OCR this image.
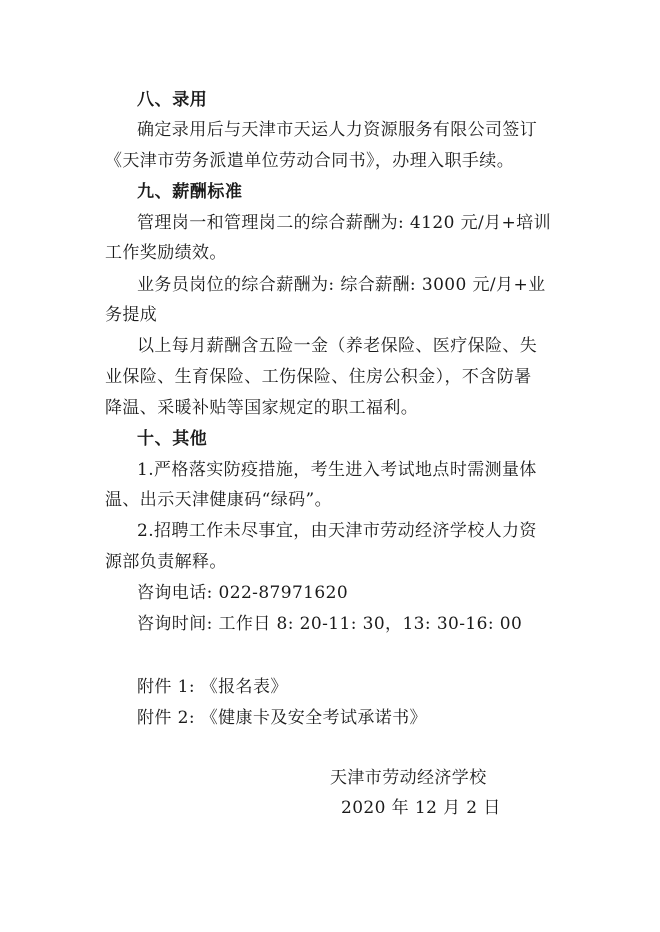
八、录用
确定录用后与天津市天运人力资源服务有限公司签订
《天津市劳务派遣单位劳动合同书》，办理入职手续。
九、薪酬标准
管理岗一和管理岗二的综合薪酬为: 4120 元/月+培训
工作奖励绩效。
业务员岗位的综合薪酬为: 综合薪酬: 3000 元/月+业
务提成
以上每月薪酬含五险一金（养老保险、医疗保险、失
业保险、生育保险、工伤保险、住房公积金），不含防暑
降温、采暖补贴等国家规定的职工福利。
十、其他
1.严格落实防疫措施，考生进入考试地点时需测量体
温、出示天津健康码“绿码”。
2.招聘工作未尽事宜，由天津市劳动经济学校人力资
源部负责解释。
咨询电话: 022-87971620
咨询时间: 工作日 8: 20-11: 30，13: 30-16: 00
附件 1: 《报名表》
附件 2: 《健康卡及安全考试承诺书》
天津市劳动经济学校
2020 年 12 月 2 日
